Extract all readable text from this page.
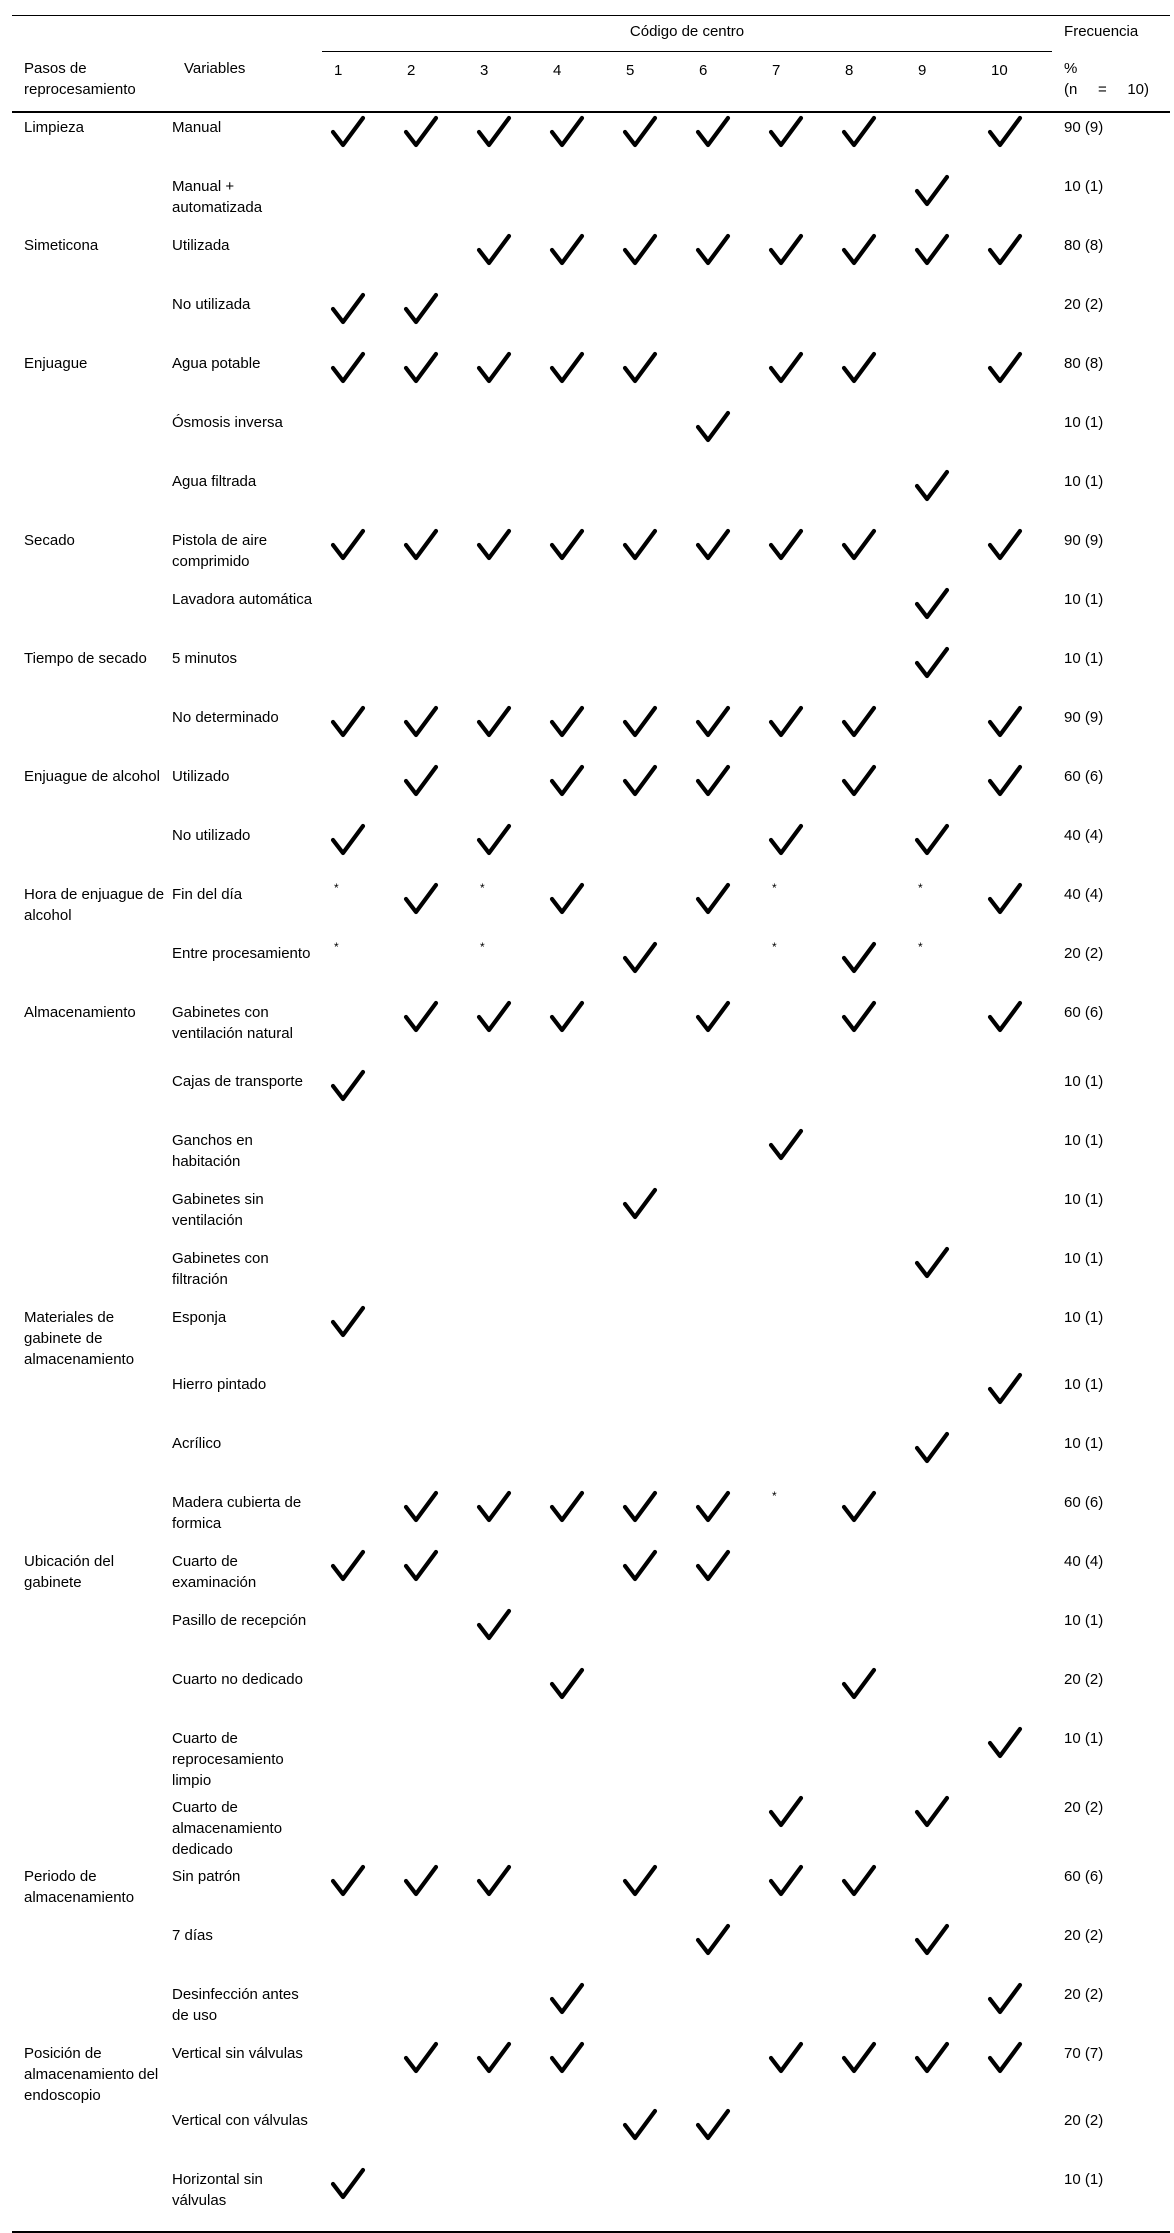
		Código de centro										Frecuencia
Pasos de reprocesamiento	Variables	1	2	3	4	5	6	7	8	9	10	%
(n = 10)

Limpieza	Manual											90 (9)
	Manual + automatizada											10 (1)
Simeticona	Utilizada											80 (8)
	No utilizada											20 (2)
Enjuague	Agua potable											80 (8)
	Ósmosis inversa											10 (1)
	Agua filtrada											10 (1)
Secado	Pistola de aire comprimido											90 (9)
	Lavadora automática											10 (1)
Tiempo de secado	5 minutos											10 (1)
	No determinado											90 (9)
Enjuague de alcohol	Utilizado											60 (6)
	No utilizado											40 (4)
Hora de enjuague de alcohol	Fin del día	*		*				*		*		40 (4)
	Entre procesamiento	*		*				*		*		20 (2)
Almacenamiento	Gabinetes con ventilación natural											60 (6)
	Cajas de transporte											10 (1)
	Ganchos en habitación											10 (1)
	Gabinetes sin ventilación											10 (1)
	Gabinetes con filtración											10 (1)
Materiales de gabinete de almacenamiento	Esponja											10 (1)
	Hierro pintado											10 (1)
	Acrílico											10 (1)
	Madera cubierta de formica							*				60 (6)
Ubicación del gabinete	Cuarto de examinación											40 (4)
	Pasillo de recepción											10 (1)
	Cuarto no dedicado											20 (2)
	Cuarto de reprocesamiento limpio											10 (1)
	Cuarto de almacenamiento dedicado											20 (2)
Periodo de almacenamiento	Sin patrón											60 (6)
	7 días											20 (2)
	Desinfección antes de uso											20 (2)
Posición de almacenamiento del endoscopio	Vertical sin válvulas											70 (7)
	Vertical con válvulas											20 (2)
	Horizontal sin válvulas											10 (1)
